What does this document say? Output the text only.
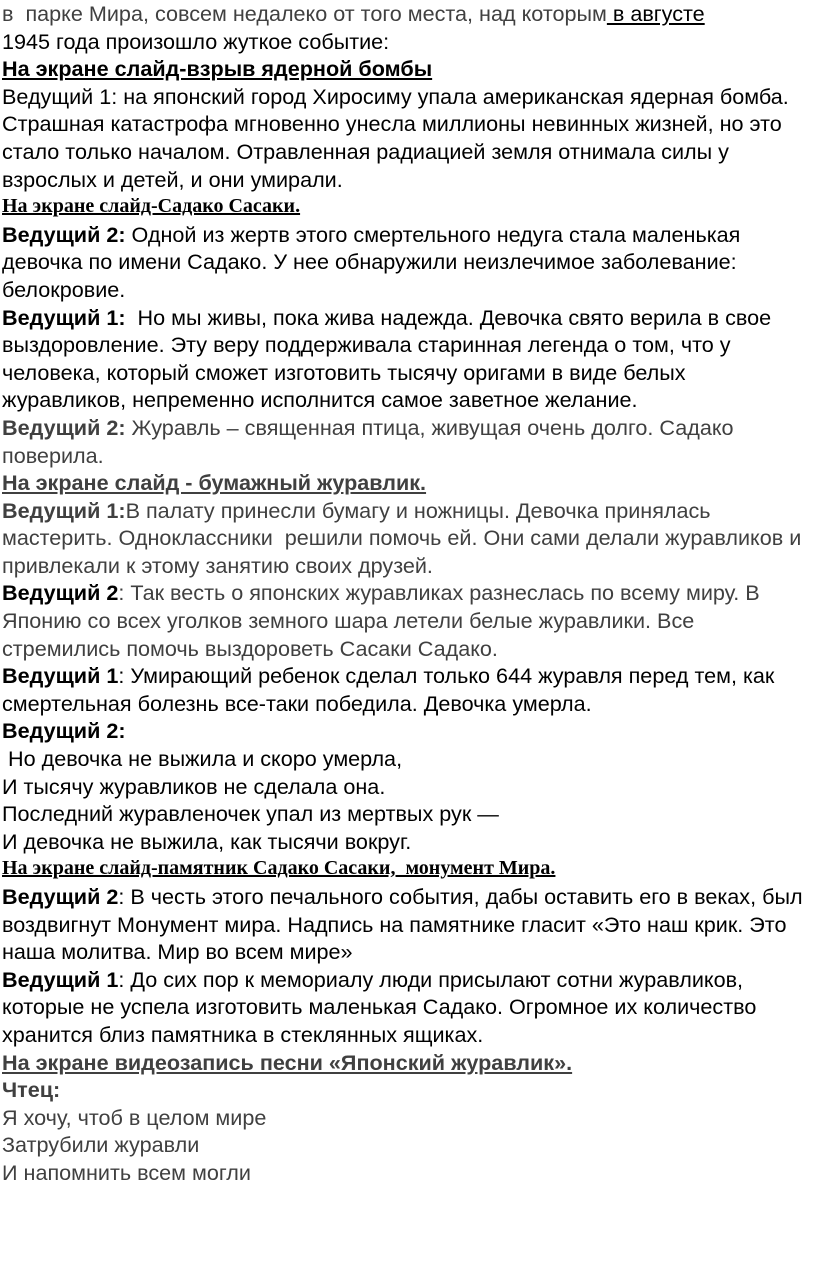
в  парке Мира, совсем недалеко от того места, над которым в августе

1945 года произошло жуткое событие:

На экране слайд-взрыв ядерной бомбы

Ведущий 1: на японский город Хиросиму упала американская ядерная бомба. Страшная катастрофа мгновенно унесла миллионы невинных жизней, но это стало только началом. Отравленная радиацией земля отнимала силы у взрослых и детей, и они умирали.

На экране слайд-Садако Сасаки.

Ведущий 2: Одной из жертв этого смертельного недуга стала маленькая девочка по имени Садако. У нее обнаружили неизлечимое заболевание: белокровие.

Ведущий 1:  Но мы живы, пока жива надежда. Девочка свято верила в свое выздоровление. Эту веру поддерживала старинная легенда о том, что у человека, который сможет изготовить тысячу оригами в виде белых журавликов, непременно исполнится самое заветное желание.

Ведущий 2: Журавль – священная птица, живущая очень долго. Садако поверила.

На экране слайд - бумажный журавлик.

Ведущий 1:В палату принесли бумагу и ножницы. Девочка принялась мастерить. Одноклассники  решили помочь ей. Они сами делали журавликов и привлекали к этому занятию своих друзей.

Ведущий 2: Так весть о японских журавликах разнеслась по всему миру. В Японию со всех уголков земного шара летели белые журавлики. Все стремились помочь выздороветь Сасаки Садако.

Ведущий 1: Умирающий ребенок сделал только 644 журавля перед тем, как смертельная болезнь все-таки победила. Девочка умерла.

Ведущий 2:

Но девочка не выжила и скоро умерла,

И тысячу журавликов не сделала она.

Последний журавленочек упал из мертвых рук —

И девочка не выжила, как тысячи вокруг.

На экране слайд-памятник Садако Сасаки,  монумент Мира.

Ведущий 2: В честь этого печального события, дабы оставить его в веках, был воздвигнут Монумент мира. Надпись на памятнике гласит «Это наш крик. Это наша молитва. Мир во всем мире»

Ведущий 1: До сих пор к мемориалу люди присылают сотни журавликов, которые не успела изготовить маленькая Садако. Огромное их количество хранится близ памятника в стеклянных ящиках.

На экране видеозапись песни «Японский журавлик».

Чтец:

Я хочу, чтоб в целом мире

Затрубили журавли

И напомнить всем могли
